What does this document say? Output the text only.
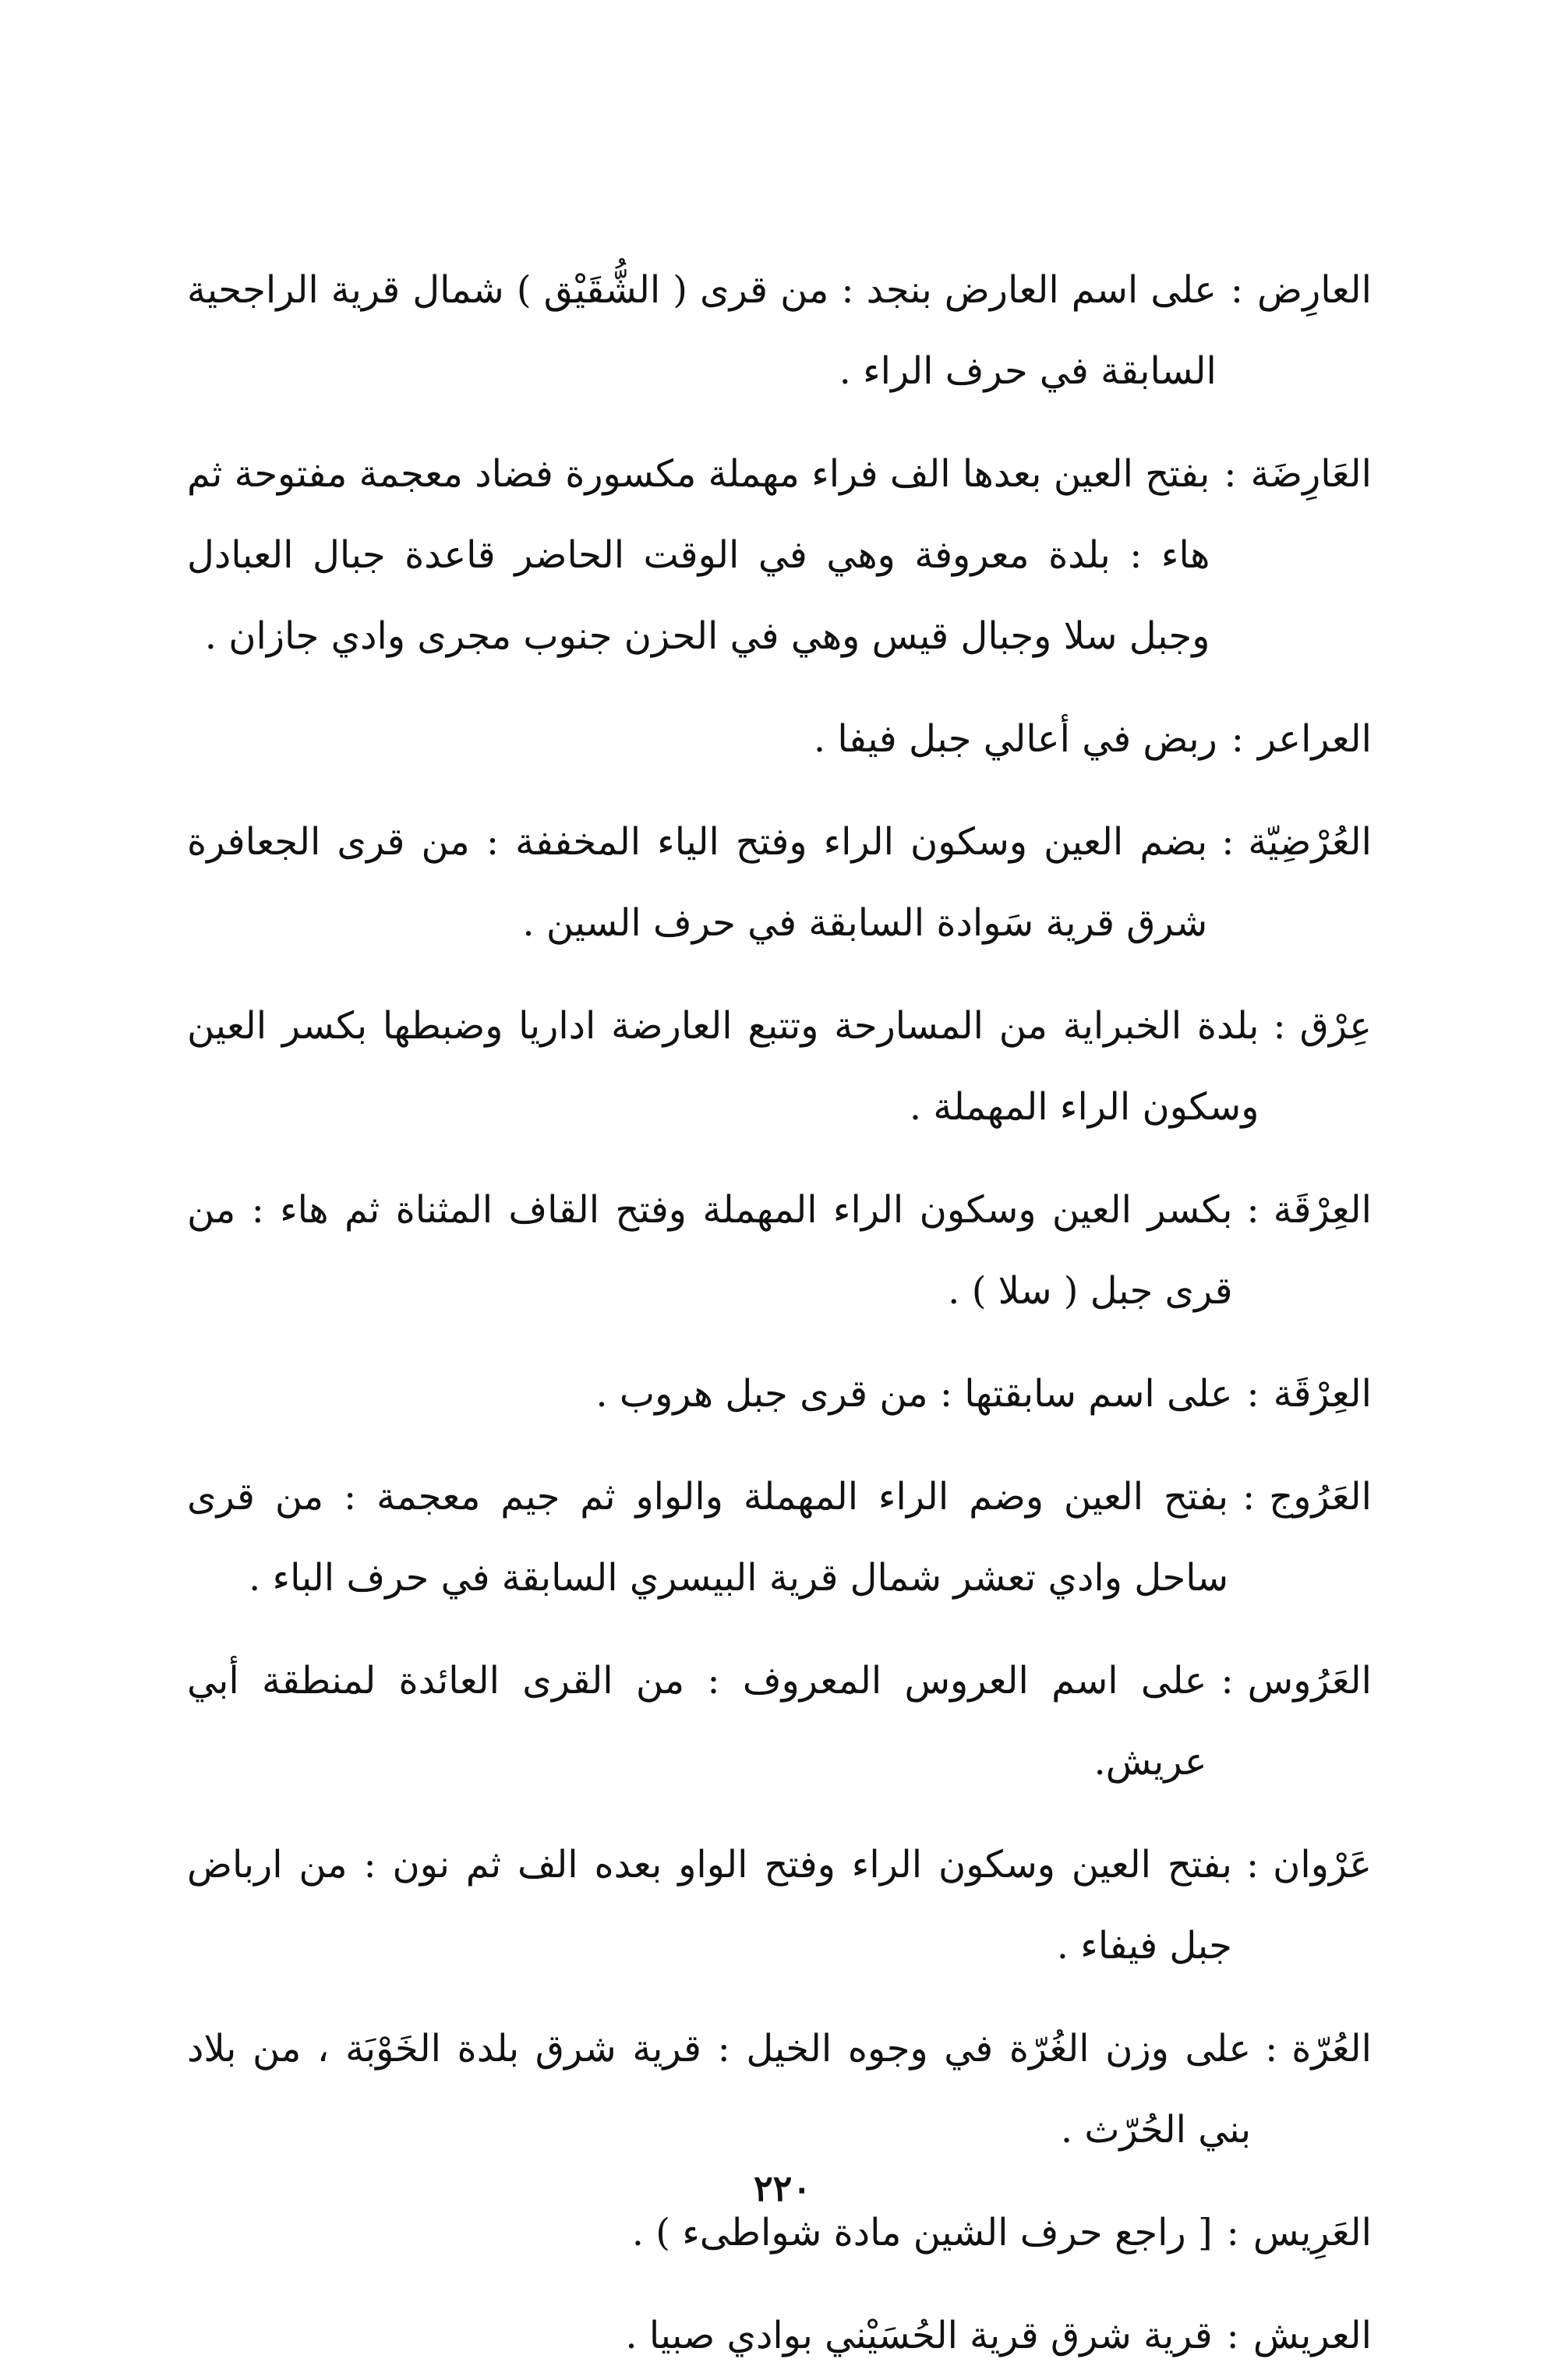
العارِض
:
على اسم العارض بنجد : من قرى ( الشُّقَيْق ) شمال قرية الراجحية السابقة في حرف الراء .
العَارِضَة
:
بفتح العين بعدها الف فراء مهملة مكسورة فضاد معجمة مفتوحة ثم هاء : بلدة معروفة وهي في الوقت الحاضر قاعدة جبال العبادل وجبل سلا وجبال قيس وهي في الحزن جنوب مجرى وادي جازان .
العراعر
:
ربض في أعالي جبل فيفا .
العُرْضِيّة
:
بضم العين وسكون الراء وفتح الياء المخففة : من قرى الجعافرة شرق قرية سَوادة السابقة في حرف السين .
عِرْق
:
بلدة الخبراية من المسارحة وتتبع العارضة اداريا وضبطها بكسر العين وسكون الراء المهملة .
العِرْقَة
:
بكسر العين وسكون الراء المهملة وفتح القاف المثناة ثم هاء : من قرى جبل ( سلا ) .
العِرْقَة
:
على اسم سابقتها : من قرى جبل هروب .
العَرُوج
:
بفتح العين وضم الراء المهملة والواو ثم جيم معجمة : من قرى ساحل وادي تعشر شمال قرية البيسري السابقة في حرف الباء .
العَرُوس
:
على اسم العروس المعروف : من القرى العائدة لمنطقة أبي عريش.
عَرْوان
:
بفتح العين وسكون الراء وفتح الواو بعده الف ثم نون : من ارباض جبل فيفاء .
العُرّة
:
على وزن الغُرّة في وجوه الخيل : قرية شرق بلدة الخَوْبَة ، من بلاد بني الحُرّث .
العَرِيس
:
[ راجع حرف الشين مادة شواطىء ) .
العريش
:
قرية شرق قرية الحُسَيْني بوادي صبيا .
٢٢٠
